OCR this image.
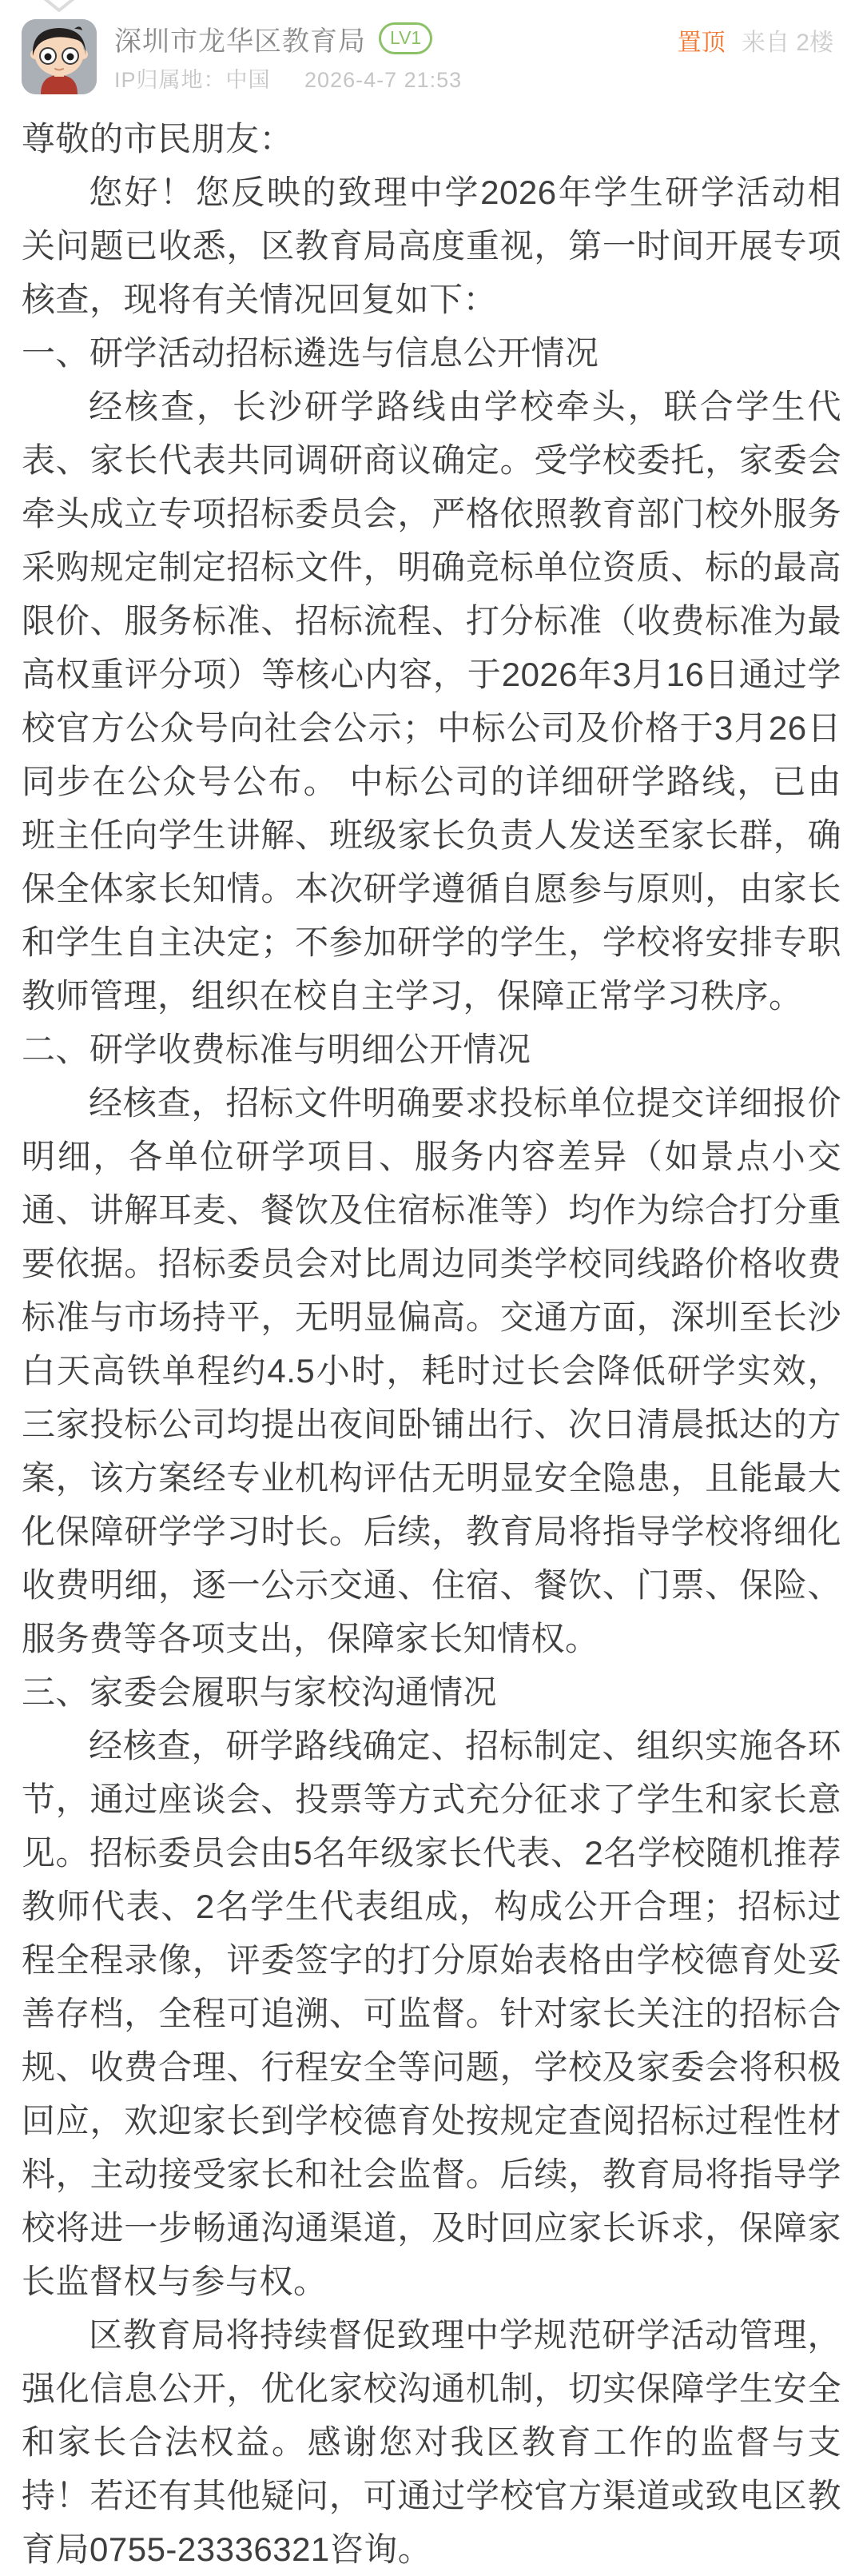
深圳市龙华区教育局	LV1
IP归属地：中国 2026-4-7 21:53
置顶 来自 2楼

尊敬的市民朋友：

您好！您反映的致理中学2026年学生研学活动相关问题已收悉，区教育局高度重视，第一时间开展专项核查，现将有关情况回复如下：

一、研学活动招标遴选与信息公开情况

经核查，长沙研学路线由学校牵头，联合学生代表、家长代表共同调研商议确定。受学校委托，家委会牵头成立专项招标委员会，严格依照教育部门校外服务采购规定制定招标文件，明确竞标单位资质、标的最高限价、服务标准、招标流程、打分标准（收费标准为最高权重评分项）等核心内容，于2026年3月16日通过学校官方公众号向社会公示；中标公司及价格于3月26日同步在公众号公布。 中标公司的详细研学路线，已由班主任向学生讲解、班级家长负责人发送至家长群，确保全体家长知情。本次研学遵循自愿参与原则，由家长和学生自主决定；不参加研学的学生，学校将安排专职教师管理，组织在校自主学习，保障正常学习秩序。

二、研学收费标准与明细公开情况

经核查，招标文件明确要求投标单位提交详细报价明细，各单位研学项目、服务内容差异（如景点小交通、讲解耳麦、餐饮及住宿标准等）均作为综合打分重要依据。招标委员会对比周边同类学校同线路价格收费标准与市场持平，无明显偏高。交通方面，深圳至长沙白天高铁单程约4.5小时，耗时过长会降低研学实效，三家投标公司均提出夜间卧铺出行、次日清晨抵达的方案，该方案经专业机构评估无明显安全隐患，且能最大化保障研学学习时长。后续，教育局将指导学校将细化收费明细，逐一公示交通、住宿、餐饮、门票、保险、服务费等各项支出，保障家长知情权。

三、家委会履职与家校沟通情况

经核查，研学路线确定、招标制定、组织实施各环节，通过座谈会、投票等方式充分征求了学生和家长意见。招标委员会由5名年级家长代表、2名学校随机推荐教师代表、2名学生代表组成，构成公开合理；招标过程全程录像，评委签字的打分原始表格由学校德育处妥善存档，全程可追溯、可监督。针对家长关注的招标合规、收费合理、行程安全等问题，学校及家委会将积极回应，欢迎家长到学校德育处按规定查阅招标过程性材料，主动接受家长和社会监督。后续，教育局将指导学校将进一步畅通沟通渠道，及时回应家长诉求，保障家长监督权与参与权。

区教育局将持续督促致理中学规范研学活动管理，强化信息公开，优化家校沟通机制，切实保障学生安全和家长合法权益。感谢您对我区教育工作的监督与支持！若还有其他疑问，可通过学校官方渠道或致电区教育局0755-23336321咨询。
